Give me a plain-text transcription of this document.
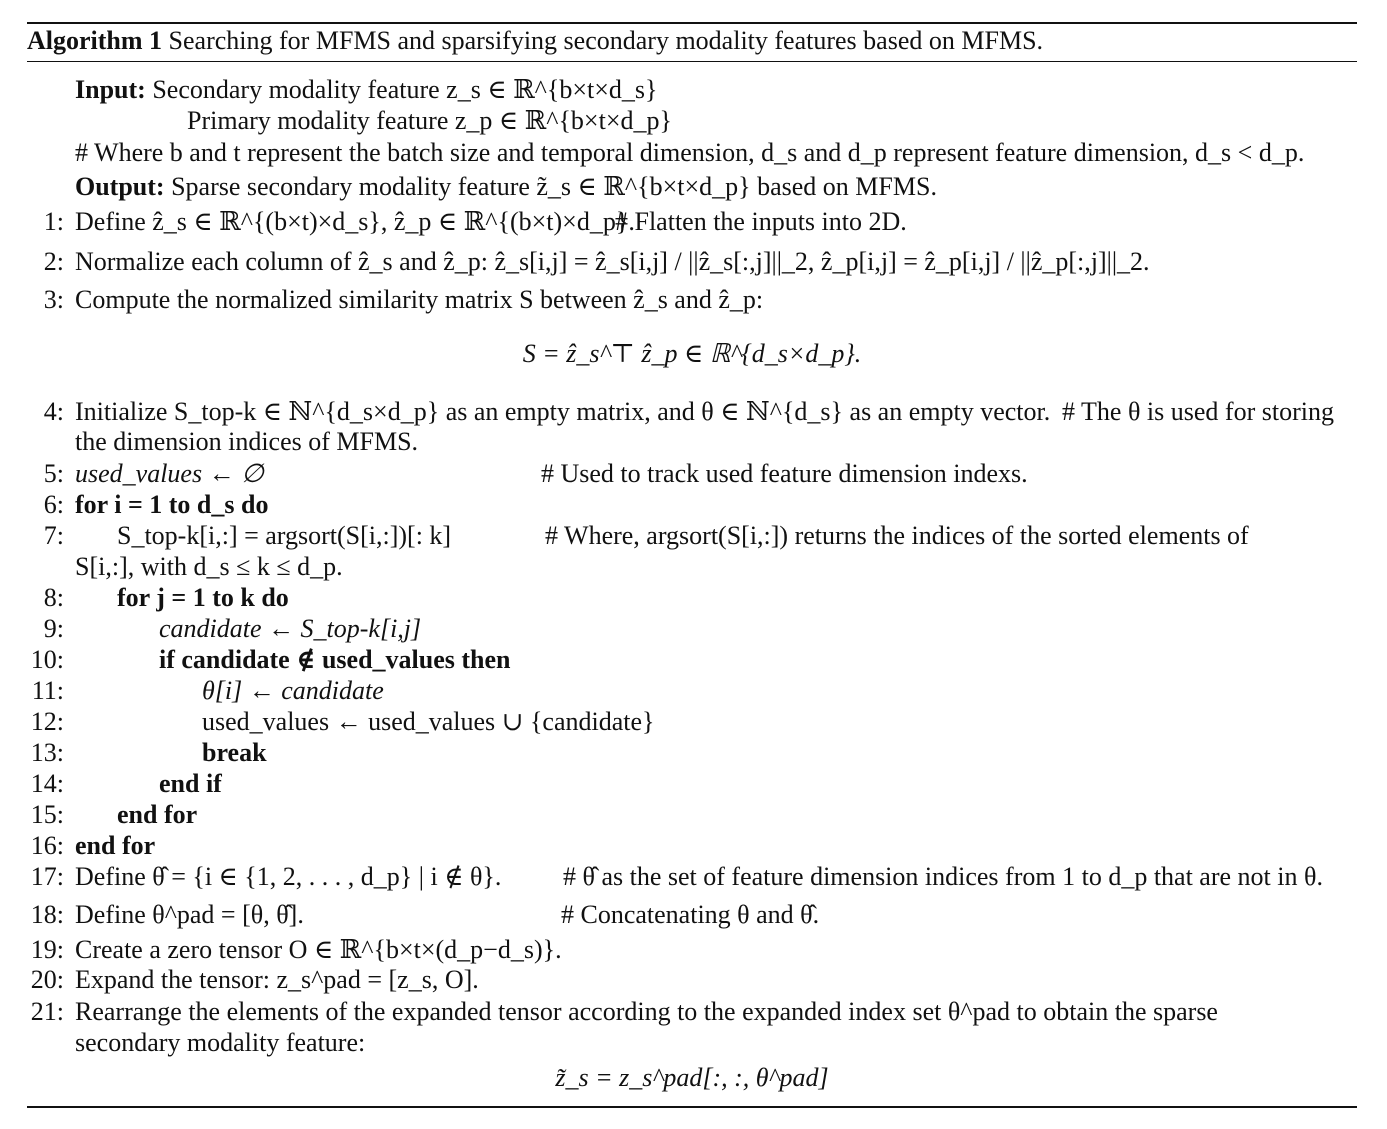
Algorithm 1 Searching for MFMS and sparsifying secondary modality features based on MFMS.
Input: Secondary modality feature z_s ∈ ℝ^{b×t×d_s}
Primary modality feature z_p ∈ ℝ^{b×t×d_p}
# Where b and t represent the batch size and temporal dimension, d_s and d_p represent feature dimension, d_s < d_p.
Output: Sparse secondary modality feature z̃_s ∈ ℝ^{b×t×d_p} based on MFMS.
1: Define ẑ_s ∈ ℝ^{(b×t)×d_s}, ẑ_p ∈ ℝ^{(b×t)×d_p}.
# Flatten the inputs into 2D.
2: Normalize each column of ẑ_s and ẑ_p: ẑ_s[i,j] = ẑ_s[i,j] / ||ẑ_s[:,j]||_2, ẑ_p[i,j] = ẑ_p[i,j] / ||ẑ_p[:,j]||_2.
3: Compute the normalized similarity matrix S between ẑ_s and ẑ_p:
S = ẑ_s^⊤ ẑ_p ∈ ℝ^{d_s×d_p}.
4: Initialize S_top-k ∈ ℕ^{d_s×d_p} as an empty matrix, and θ ∈ ℕ^{d_s} as an empty vector. # The θ is used for storing
the dimension indices of MFMS.
5: used_values ← ∅	# Used to track used feature dimension indexs.
6: for i = 1 to d_s do
7: S_top-k[i,:] = argsort(S[i,:])[: k]	# Where, argsort(S[i,:]) returns the indices of the sorted elements of
S[i,:], with d_s ≤ k ≤ d_p.
8: for j = 1 to k do
9:	candidate ← S_top-k[i,j]
10:	if candidate ∉ used_values then
11:	θ[i] ← candidate
12:	used_values ← used_values ∪ {candidate}
13:	break
14:	end if
15: end for
16: end for
17: Define θ̂ = {i ∈ {1, 2, . . . , d_p} | i ∉ θ}.	# θ̂ as the set of feature dimension indices from 1 to d_p that are not in θ.
18: Define θ^pad = [θ, θ̂].	# Concatenating θ and θ̂.
19: Create a zero tensor O ∈ ℝ^{b×t×(d_p−d_s)}.
20: Expand the tensor: z_s^pad = [z_s, O].
21: Rearrange the elements of the expanded tensor according to the expanded index set θ^pad to obtain the sparse
secondary modality feature:
z̃_s = z_s^pad[:, :, θ^pad]
